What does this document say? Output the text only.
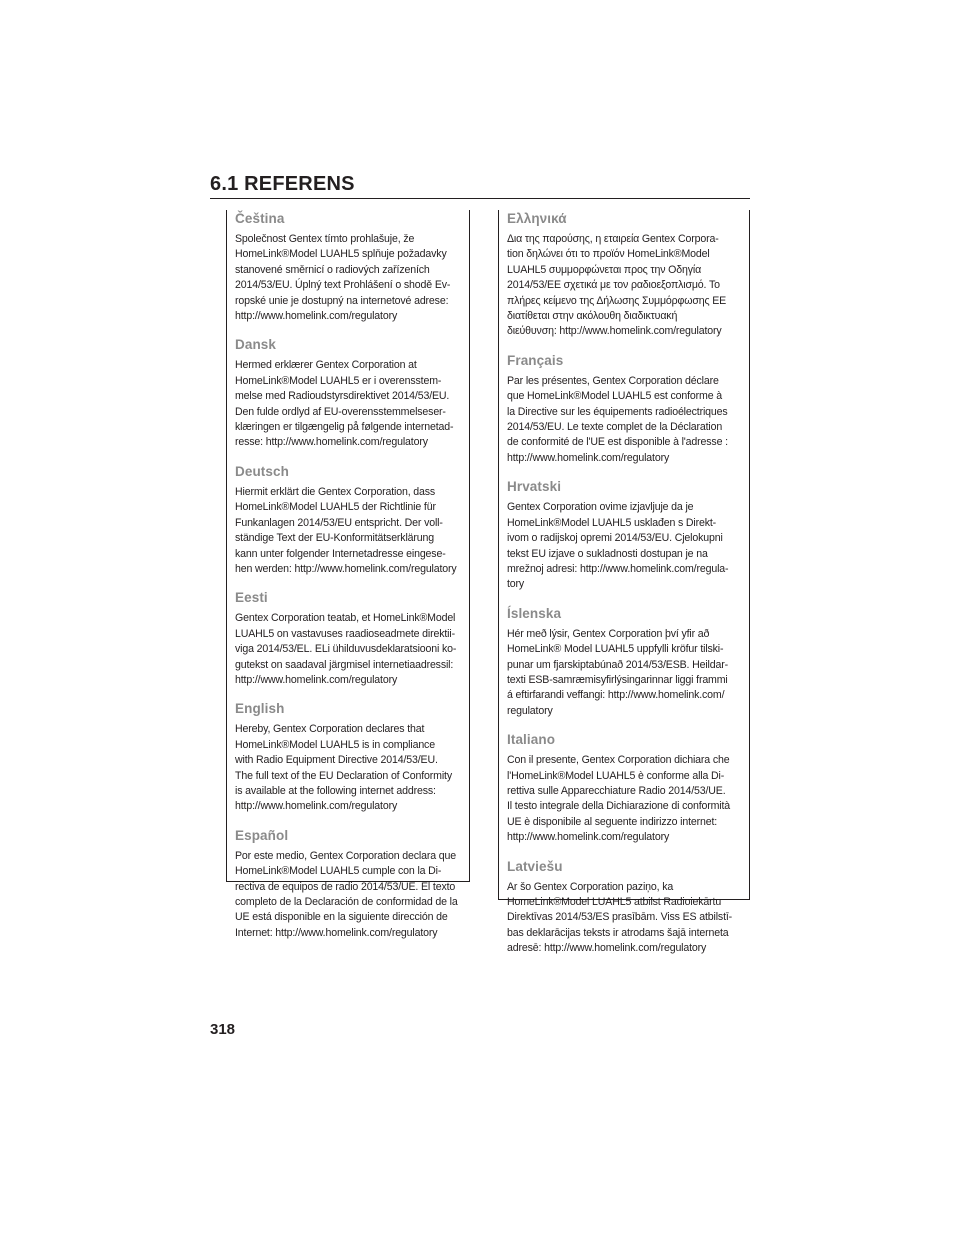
6.1 REFERENS
Čeština

Společnost Gentex tímto prohlašuje, že
HomeLink®Model LUAHL5 splňuje požadavky
stanovené směrnicí o radiových zařízeních
2014/53/EU. Úplný text Prohlášení o shodě Ev-
ropské unie je dostupný na internetové adrese:
http://www.homelink.com/regulatory

Dansk

Hermed erklærer Gentex Corporation at
HomeLink®Model LUAHL5 er i overensstem-
melse med Radioudstyrsdirektivet 2014/53/EU.
Den fulde ordlyd af EU-overensstemmelseser-
klæringen er tilgængelig på følgende internetad-
resse: http://www.homelink.com/regulatory

Deutsch

Hiermit erklärt die Gentex Corporation, dass
HomeLink®Model LUAHL5 der Richtlinie für
Funkanlagen 2014/53/EU entspricht. Der voll-
ständige Text der EU-Konformitätserklärung
kann unter folgender Internetadresse eingese-
hen werden: http://www.homelink.com/regulatory

Eesti

Gentex Corporation teatab, et HomeLink®Model
LUAHL5 on vastavuses raadioseadmete direktii-
viga 2014/53/EL. ELi ühilduvusdeklaratsiooni ko-
gutekst on saadaval järgmisel internetiaadressil:
http://www.homelink.com/regulatory

English

Hereby, Gentex Corporation declares that
HomeLink®Model LUAHL5 is in compliance
with Radio Equipment Directive 2014/53/EU.
The full text of the EU Declaration of Conformity
is available at the following internet address:
http://www.homelink.com/regulatory

Español

Por este medio, Gentex Corporation declara que
HomeLink®Model LUAHL5 cumple con la Di-
rectiva de equipos de radio 2014/53/UE. El texto
completo de la Declaración de conformidad de la
UE está disponible en la siguiente dirección de
Internet: http://www.homelink.com/regulatory

Ελληνικά

Δια της παρούσης, η εταιρεία Gentex Corpora-
tion δηλώνει ότι το προϊόν HomeLink®Model
LUAHL5 συμμορφώνεται προς την Οδηγία
2014/53/ΕΕ σχετικά με τον ραδιοεξοπλισμό. Το
πλήρες κείμενο της Δήλωσης Συμμόρφωσης ΕΕ
διατίθεται στην ακόλουθη διαδικτυακή
διεύθυνση: http://www.homelink.com/regulatory

Français

Par les présentes, Gentex Corporation déclare
que HomeLink®Model LUAHL5 est conforme à
la Directive sur les équipements radioélectriques
2014/53/EU. Le texte complet de la Déclaration
de conformité de l'UE est disponible à l'adresse :
http://www.homelink.com/regulatory

Hrvatski

Gentex Corporation ovime izjavljuje da je
HomeLink®Model LUAHL5 usklađen s Direkt-
ivom o radijskoj opremi 2014/53/EU. Cjelokupni
tekst EU izjave o sukladnosti dostupan je na
mrežnoj adresi: http://www.homelink.com/regula-
tory

Íslenska

Hér með lýsir, Gentex Corporation því yfir að
HomeLink® Model LUAHL5 uppfylli kröfur tilski-
punar um fjarskiptabúnað 2014/53/ESB. Heildar-
texti ESB-samræmisyfirlýsingarinnar liggi frammi
á eftirfarandi veffangi: http://www.homelink.com/
regulatory

Italiano

Con il presente, Gentex Corporation dichiara che
l'HomeLink®Model LUAHL5 è conforme alla Di-
rettiva sulle Apparecchiature Radio 2014/53/UE.
Il testo integrale della Dichiarazione di conformità
UE è disponibile al seguente indirizzo internet:
http://www.homelink.com/regulatory

Latviešu

Ar šo Gentex Corporation paziņo, ka
HomeLink®Model LUAHL5 atbilst Radioiekārtu
Direktīvas 2014/53/ES prasībām. Viss ES atbilstī-
bas deklarācijas teksts ir atrodams šajā interneta
adresē: http://www.homelink.com/regulatory

318
